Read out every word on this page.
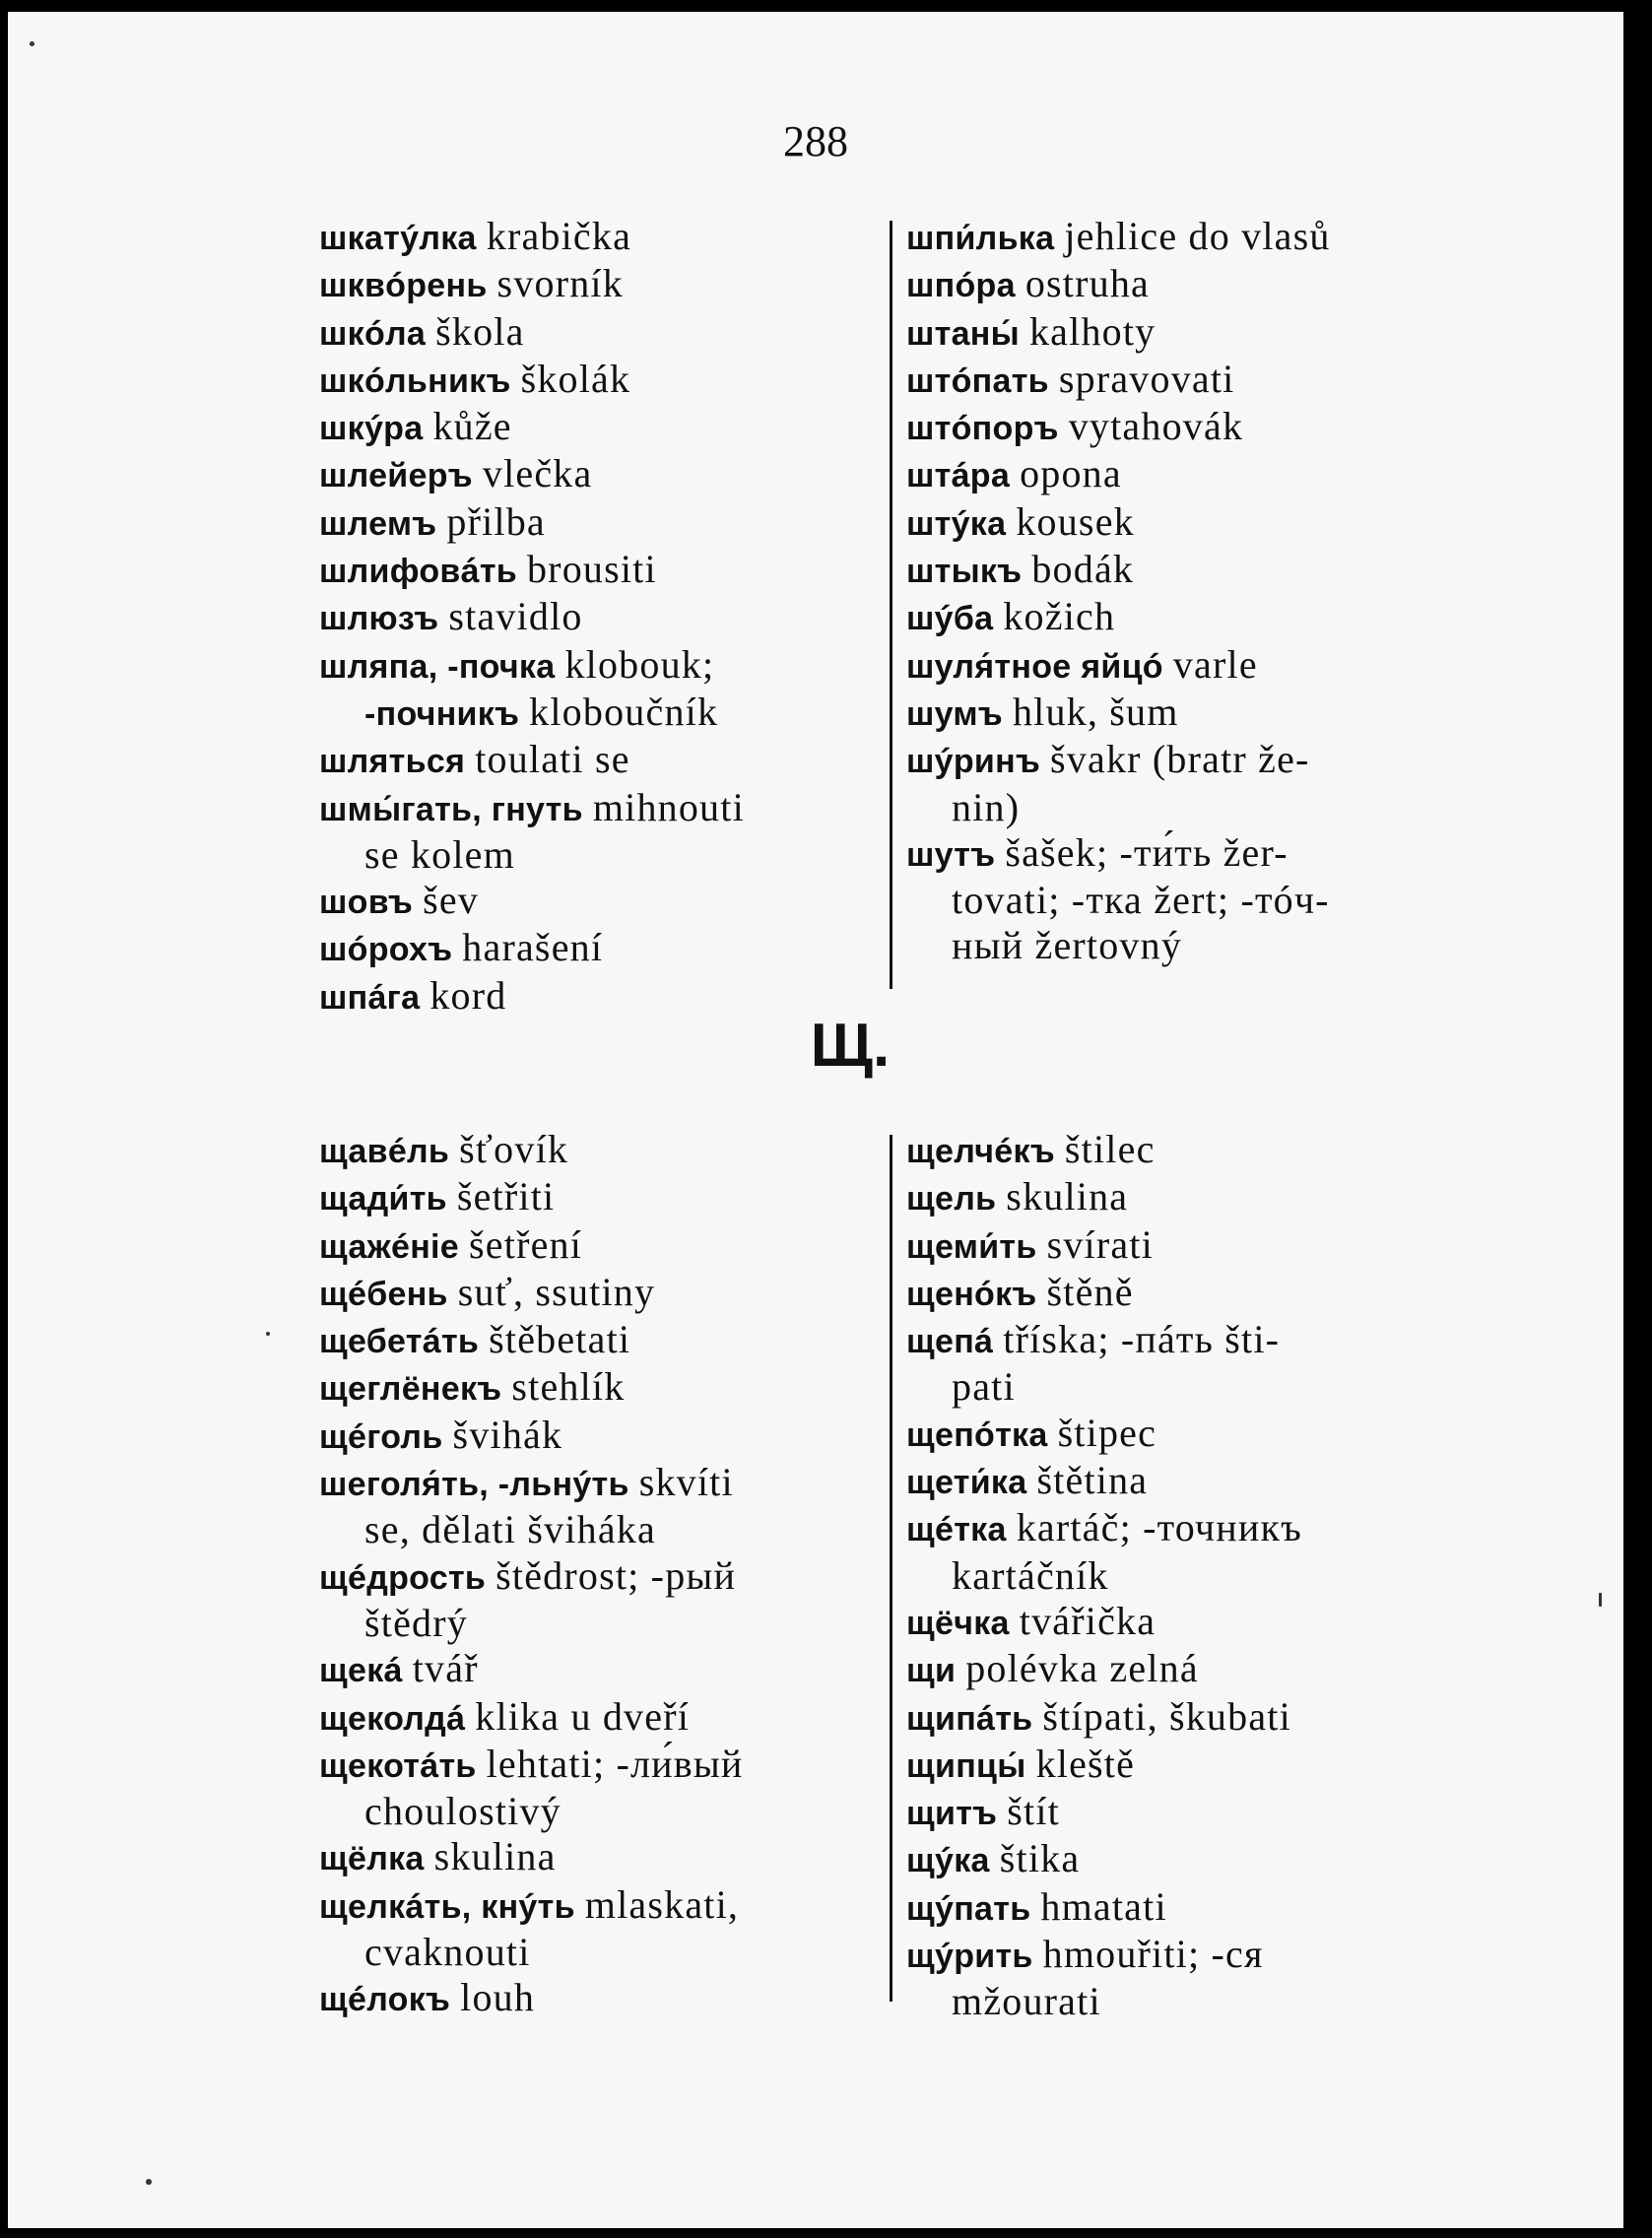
288
шкатýлка krabička
шквóрень svorník
шкóла škola
шкóльникъ školák
шкýра kůže
шлейеръ vlečka
шлемъ přilba
шлифовáть brousiti
шлюзъ stavidlo
шляпа, -почка klobouk;
-почникъ kloboučník
шляться toulati se
шмы́гать, гнуть mihnouti
se kolem
шовъ šev
шóрохъ harašení
шпáга kord
шпи́лька jehlice do vlasů
шпóра ostruha
штаны́ kalhoty
штóпать spravovati
штóпоръ vytahovák
штáра opona
штýка kousek
штыкъ bodák
шýба kožich
шуля́тное яйцó varle
шумъ hluk, šum
шýринъ švakr (bratr že-
nin)
шутъ šašek; -ти́ть žer-
tovati; -тка žert; -тóч-
ный žertovný
Щ.
щавéль šťovík
щади́ть šetřiti
щажéніе šetření
щéбень suť, ssutiny
щебетáть štěbetati
щеглёнекъ stehlík
щéголь švihák
шеголя́ть, -льнýть skvíti
se, dělati šviháka
щéдрость štědrost; -рый
štědrý
щекá tvář
щеколдá klika u dveří
щекотáть lehtati; -ли́вый
choulostivý
щёлка skulina
щелкáть, кнýть mlaskati,
cvaknouti
щéлокъ louh
щелчéкъ štilec
щель skulina
щеми́ть svírati
щенóкъ štěně
щепá tříska; -пáть šti-
pati
щепóтка štipec
щети́ка štětina
щéтка kartáč; -точникъ
kartáčník
щёчка tvářička
щи polévka zelná
щипáть štípati, škubati
щипцы́ kleště
щитъ štít
щýка štika
щýпать hmatati
щýрить hmouřiti; -ся
mžourati
